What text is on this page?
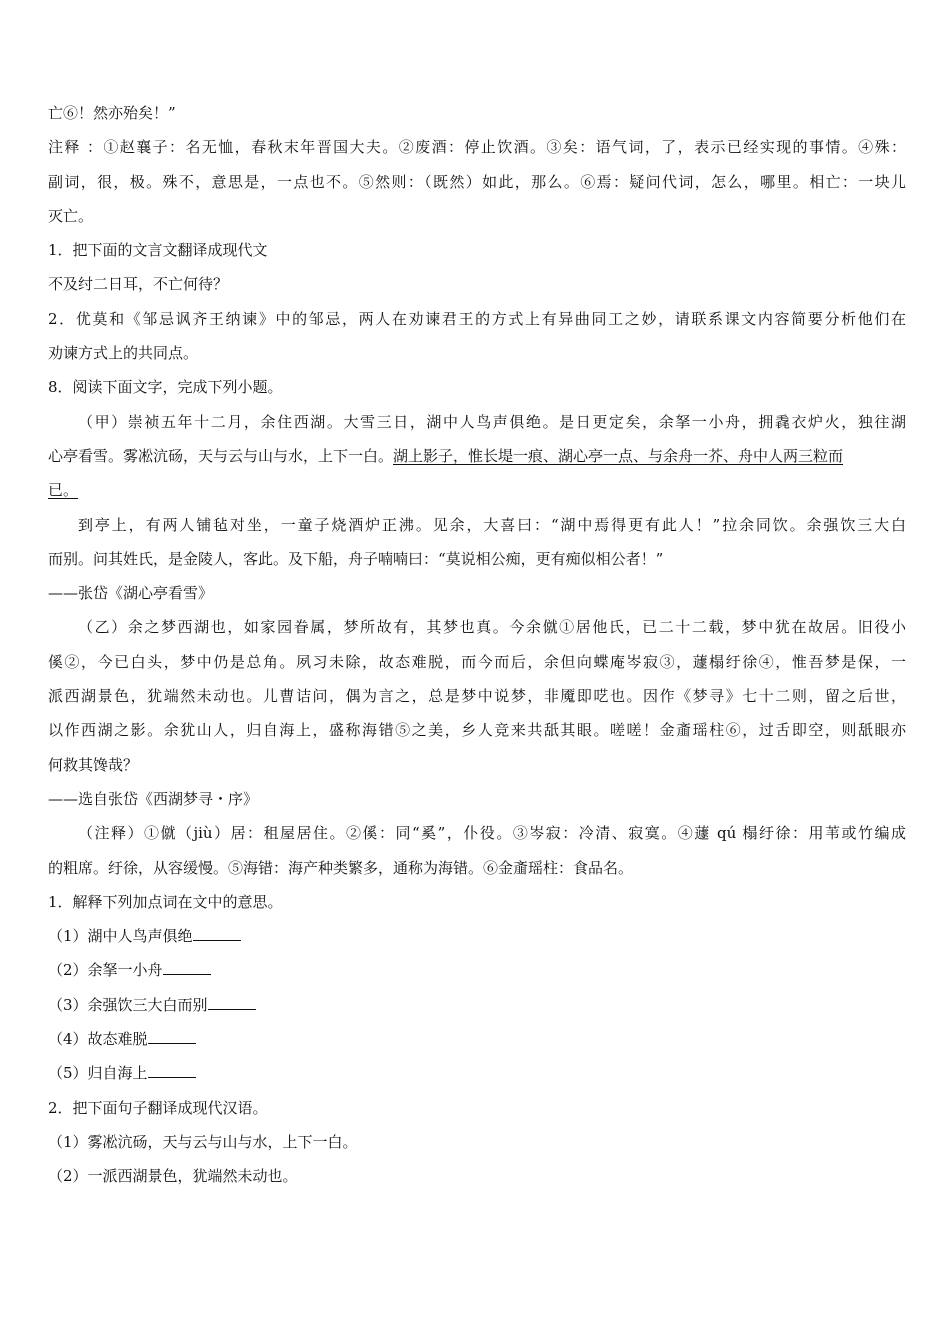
亡⑥！然亦殆矣！”
注释 ：①赵襄子：名无恤，春秋末年晋国大夫。②废酒：停止饮酒。③矣：语气词，了，表示已经实现的事情。④殊：
副词，很，极。殊不，意思是，一点也不。⑤然则：（既然）如此，那么。⑥焉：疑问代词，怎么，哪里。相亡：一块儿
灭亡。
1．把下面的文言文翻译成现代文
不及纣二日耳，不亡何待？
2．优莫和《邹忌讽齐王纳谏》中的邹忌，两人在劝谏君王的方式上有异曲同工之妙，请联系课文内容简要分析他们在
劝谏方式上的共同点。
8．阅读下面文字，完成下列小题。
（甲）崇祯五年十二月，余住西湖。大雪三日，湖中人鸟声俱绝。是日更定矣，余拏一小舟，拥毳衣炉火，独往湖
心亭看雪。雾凇沆砀，天与云与山与水，上下一白。湖上影子，惟长堤一痕、湖心亭一点、与余舟一芥、舟中人两三粒而
已。
到亭上，有两人铺毡对坐，一童子烧酒炉正沸。见余，大喜曰：“湖中焉得更有此人！”拉余同饮。余强饮三大白
而别。问其姓氏，是金陵人，客此。及下船，舟子喃喃曰：“莫说相公痴，更有痴似相公者！”
——张岱《湖心亭看雪》
（乙）余之梦西湖也，如家园眷属，梦所故有，其梦也真。今余僦①居他氏，已二十二载，梦中犹在故居。旧役小
傒②，今已白头，梦中仍是总角。夙习未除，故态难脱，而今而后，余但向蝶庵岑寂③，蘧榻纡徐④，惟吾梦是保，一
派西湖景色，犹端然未动也。儿曹诘问，偶为言之，总是梦中说梦，非魇即呓也。因作《梦寻》七十二则，留之后世，
以作西湖之影。余犹山人，归自海上，盛称海错⑤之美，乡人竞来共舐其眼。嗟嗟！金齑瑶柱⑥，过舌即空，则舐眼亦
何救其馋哉？
——选自张岱《西湖梦寻・序》
（注释）①僦（jiù）居：租屋居住。②傒：同“奚”，仆役。③岑寂：冷清、寂寞。④蘧 qú 榻纡徐：用苇或竹编成
的粗席。纡徐，从容缓慢。⑤海错：海产种类繁多，通称为海错。⑥金齑瑶柱：食品名。
1．解释下列加点词在文中的意思。
（1）湖中人鸟声俱绝
（2）余拏一小舟
（3）余强饮三大白而别
（4）故态难脱
（5）归自海上
2．把下面句子翻译成现代汉语。
（1）雾凇沆砀，天与云与山与水，上下一白。
（2）一派西湖景色，犹端然未动也。
